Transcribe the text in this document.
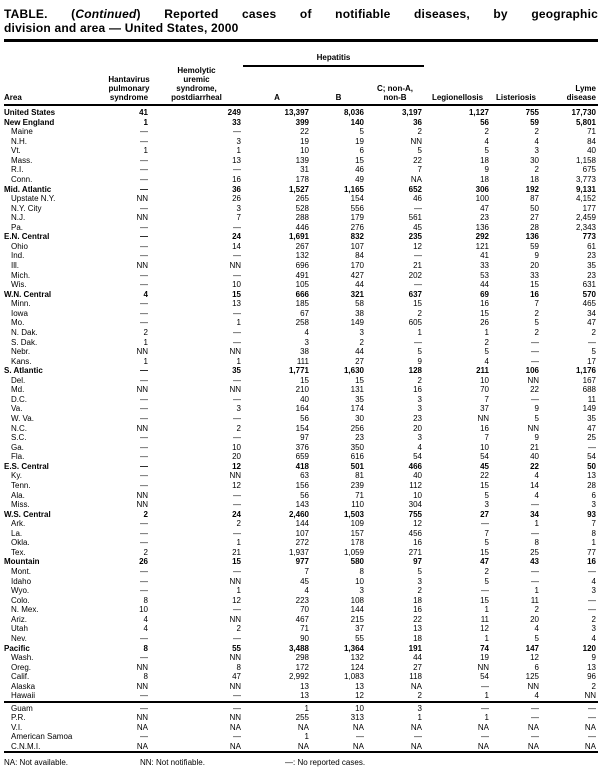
TABLE. (Continued) Reported cases of notifiable diseases, by geographic
division and area — United States, 2000
			Hepatitis					
Area	
Hantavirus
pulmonary
syndrome

Hemolytic
uremic
syndrome,
postdiarrheal	A	B

C; non-A,
non-B	Legionellosis	Listeriosis

Lyme
disease

United States	41	249	13,397	8,036	3,197	1,127	755	17,730
New England	1	33	399	140	36	56	59	5,801
Maine	—	—	22	5	2	2	2	71
N.H.	—	3	19	19	NN	4	4	84
Vt.	1	1	10	6	5	5	3	40
Mass.	—	13	139	15	22	18	30	1,158
R.I.	—	—	31	46	7	9	2	675
Conn.	—	16	178	49	NA	18	18	3,773
Mid. Atlantic	—	36	1,527	1,165	652	306	192	9,131
Upstate N.Y.	NN	26	265	154	46	100	87	4,152
N.Y. City	—	3	528	556	—	47	50	177
N.J.	NN	7	288	179	561	23	27	2,459
Pa.	—	—	446	276	45	136	28	2,343
E.N. Central	—	24	1,691	832	235	292	136	773
Ohio	—	14	267	107	12	121	59	61
Ind.	—	—	132	84	—	41	9	23
Ill.	NN	NN	696	170	21	33	20	35
Mich.	—	—	491	427	202	53	33	23
Wis.	—	10	105	44	—	44	15	631
W.N. Central	4	15	666	321	637	69	16	570
Minn.	—	13	185	58	15	16	7	465
Iowa	—	—	67	38	2	15	2	34
Mo.	—	1	258	149	605	26	5	47
N. Dak.	2	—	4	3	1	1	2	2
S. Dak.	1	—	3	2	—	2	—	—
Nebr.	NN	NN	38	44	5	5	—	5
Kans.	1	1	111	27	9	4	—	17
S. Atlantic	—	35	1,771	1,630	128	211	106	1,176
Del.	—	—	15	15	2	10	NN	167
Md.	NN	NN	210	131	16	70	22	688
D.C.	—	—	40	35	3	7	—	11
Va.	—	3	164	174	3	37	9	149
W. Va.	—	—	56	30	23	NN	5	35
N.C.	NN	2	154	256	20	16	NN	47
S.C.	—	—	97	23	3	7	9	25
Ga.	—	10	376	350	4	10	21	—
Fla.	—	20	659	616	54	54	40	54
E.S. Central	—	12	418	501	466	45	22	50
Ky.	—	NN	63	81	40	22	4	13
Tenn.	—	12	156	239	112	15	14	28
Ala.	NN	—	56	71	10	5	4	6
Miss.	NN	—	143	110	304	3	—	3
W.S. Central	2	24	2,460	1,503	755	27	34	93
Ark.	—	2	144	109	12	—	1	7
La.	—	—	107	157	456	7	—	8
Okla.	—	1	272	178	16	5	8	1
Tex.	2	21	1,937	1,059	271	15	25	77
Mountain	26	15	977	580	97	47	43	16
Mont.	—	—	7	8	5	2	—	—
Idaho	—	NN	45	10	3	5	—	4
Wyo.	—	1	4	3	2	—	1	3
Colo.	8	12	223	108	18	15	11	—
N. Mex.	10	—	70	144	16	1	2	—
Ariz.	4	NN	467	215	22	11	20	2
Utah	4	2	71	37	13	12	4	3
Nev.	—	—	90	55	18	1	5	4
Pacific	8	55	3,488	1,364	191	74	147	120
Wash.	—	NN	298	132	44	19	12	9
Oreg.	NN	8	172	124	27	NN	6	13
Calif.	8	47	2,992	1,083	118	54	125	96
Alaska	NN	NN	13	13	NA	—	NN	2
Hawaii	—	—	13	12	2	1	4	NN
Guam	—	—	1	10	3	—	—	—
P.R.	NN	NN	255	313	1	1	—	—
V.I.	NA	NA	NA	NA	NA	NA	NA	NA
American Samoa	—	—	1	—	—	—	—	—
C.N.M.I.	NA	NA	NA	NA	NA	NA	NA	NA
NA: Not available.	NN: Not notifiable.	—: No reported cases.
